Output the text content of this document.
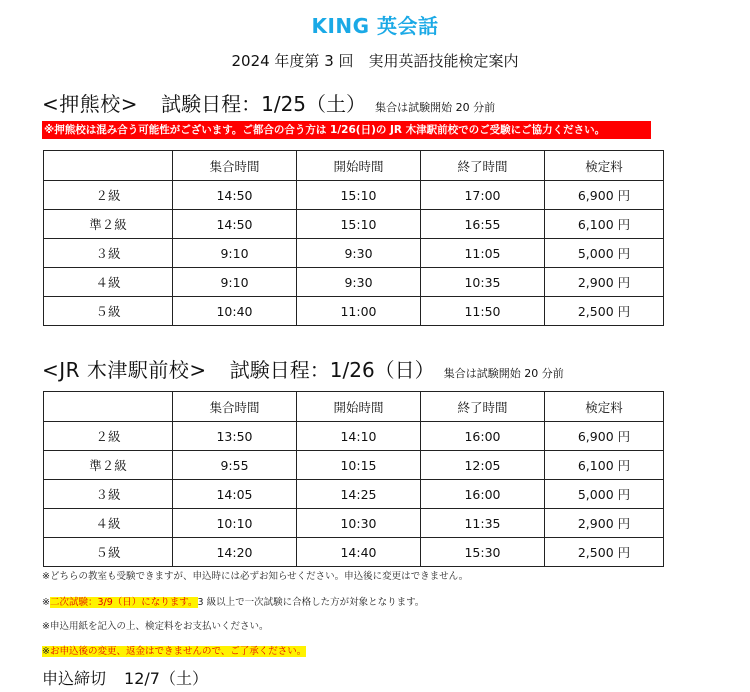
KING 英会話
2024 年度第 3 回　実用英語技能検定案内
<押熊校> 試験日程：1/25（土） 集合は試験開始 20 分前
※押熊校は混み合う可能性がございます。ご都合の合う方は 1/26(日)の JR 木津駅前校でのご受験にご協力ください。
	集合時間	開始時間	終了時間	検定料
２級	14:50	15:10	17:00	6,900 円
準２級	14:50	15:10	16:55	6,100 円
３級	9:10	9:30	11:05	5,000 円
４級	9:10	9:30	10:35	2,900 円
５級	10:40	11:00	11:50	2,500 円
<JR 木津駅前校> 試験日程：1/26（日） 集合は試験開始 20 分前
	集合時間	開始時間	終了時間	検定料
２級	13:50	14:10	16:00	6,900 円
準２級	9:55	10:15	12:05	6,100 円
３級	14:05	14:25	16:00	5,000 円
４級	10:10	10:30	11:35	2,900 円
５級	14:20	14:40	15:30	2,500 円
※どちらの教室も受験できますが、申込時には必ずお知らせください。申込後に変更はできません。
※二次試験：3/9（日）になります。3 級以上で一次試験に合格した方が対象となります。
※申込用紙を記入の上、検定料をお支払いください。
※お申込後の変更、返金はできませんので、ご了承ください。
申込締切 12/7（土）
